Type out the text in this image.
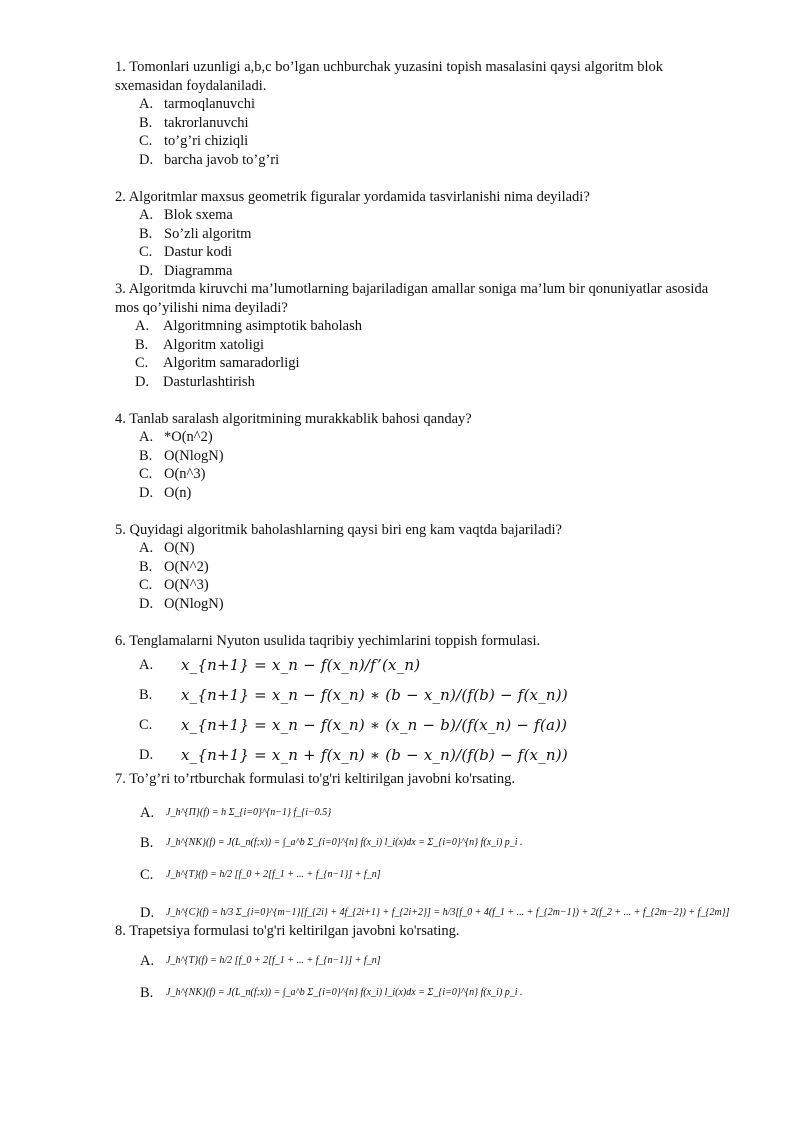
1. Tomonlari uzunligi a,b,c bo’lgan uchburchak yuzasini topish masalasini qaysi algoritm blok sxemasidan foydalaniladi.

A. tarmoqlanuvchi
B. takrorlanuvchi
C. to’g’ri chiziqli
D. barcha javob to’g’ri

2. Algoritmlar maxsus geometrik figuralar yordamida tasvirlanishi nima deyiladi?

A. Blok sxema
B. So’zli algoritm
C. Dastur kodi
D. Diagramma

3. Algoritmda kiruvchi ma’lumotlarning bajariladigan amallar soniga ma’lum bir qonuniyatlar asosida mos qo’yilishi nima deyiladi?

A. Algoritmning asimptotik baholash
B.	Algoritm xatoligi
C.	Algoritm samaradorligi
D. Dasturlashtirish

4. Tanlab saralash algoritmining murakkablik bahosi qanday?

A. *O(n^2)
B. O(NlogN)
C. O(n^3)
D. O(n)

5. Quyidagi algoritmik baholashlarning qaysi biri eng kam vaqtda bajariladi?

A. O(N)
B. O(N^2)
C. O(N^3)
D. O(NlogN)

6. Tenglamalarni Nyuton usulida taqribiy yechimlarini toppish formulasi.

A.	x_{n+1} = x_n − f(x_n)/f’(x_n)
B.	x_{n+1} = x_n − f(x_n) ∗ (b − x_n)/(f(b) − f(x_n))
C.	x_{n+1} = x_n − f(x_n) ∗ (x_n − b)/(f(x_n) − f(a))
D.	x_{n+1} = x_n + f(x_n) ∗ (b − x_n)/(f(b) − f(x_n))

7. To’g’ri to’rtburchak formulasi to'g'ri keltirilgan javobni ko'rsating.

A.	J_h^{П}(f) = h Σ_{i=0}^{n−1} f_{i−0.5}
B.	J_h^{NK}(f) = J(L_n(f;x)) = ∫_a^b Σ_{i=0}^{n} f(x_i) l_i(x)dx = Σ_{i=0}^{n} f(x_i) p_i .
C.	J_h^{T}(f) = h/2 [f_0 + 2[f_1 + ... + f_{n−1}] + f_n]
D.	J_h^{C}(f) = h/3 Σ_{i=0}^{m−1}[f_{2i} + 4f_{2i+1} + f_{2i+2}] = h/3[f_0 + 4(f_1 + ... + f_{2m−1}) + 2(f_2 + ... + f_{2m−2}) + f_{2m}]

8. Trapetsiya formulasi to'g'ri keltirilgan javobni ko'rsating.

A.	J_h^{T}(f) = h/2 [f_0 + 2[f_1 + ... + f_{n−1}] + f_n]
B.	J_h^{NK}(f) = J(L_n(f;x)) = ∫_a^b Σ_{i=0}^{n} f(x_i) l_i(x)dx = Σ_{i=0}^{n} f(x_i) p_i .
